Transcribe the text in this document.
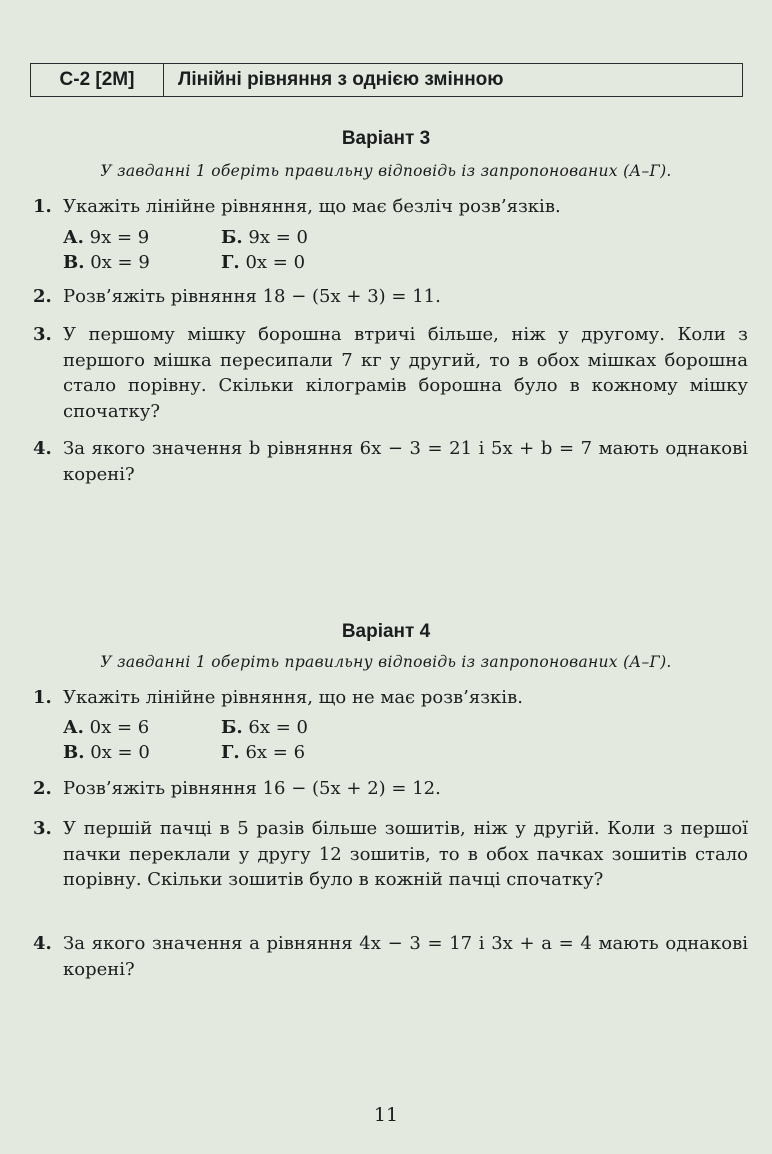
С-2 [2М]	Лінійні рівняння з однією змінною
Варіант 3
У завданні 1 оберіть правильну відповідь із запропонованих (А–Г).
1. Укажіть лінійне рівняння, що має безліч розв’язків.
А. 9x = 9	Б. 9x = 0
В. 0x = 9	Г. 0x = 0
2. Розв’яжіть рівняння 18 − (5x + 3) = 11.
3. У першому мішку борошна втричі більше, ніж у другому. Коли з першого мішка пересипали 7 кг у другий, то в обох мішках борошна стало порівну. Скільки кілограмів борошна було в кожному мішку спочатку?
4. За якого значення b рівняння 6x − 3 = 21 і 5x + b = 7 мають однакові корені?
Варіант 4
У завданні 1 оберіть правильну відповідь із запропонованих (А–Г).
1. Укажіть лінійне рівняння, що не має розв’язків.
А. 0x = 6	Б. 6x = 0
В. 0x = 0	Г. 6x = 6
2. Розв’яжіть рівняння 16 − (5x + 2) = 12.
3. У першій пачці в 5 разів більше зошитів, ніж у другій. Коли з першої пачки переклали у другу 12 зошитів, то в обох пачках зошитів стало порівну. Скільки зошитів було в кожній пачці спочатку?
4. За якого значення a рівняння 4x − 3 = 17 і 3x + a = 4 мають однакові корені?
11
